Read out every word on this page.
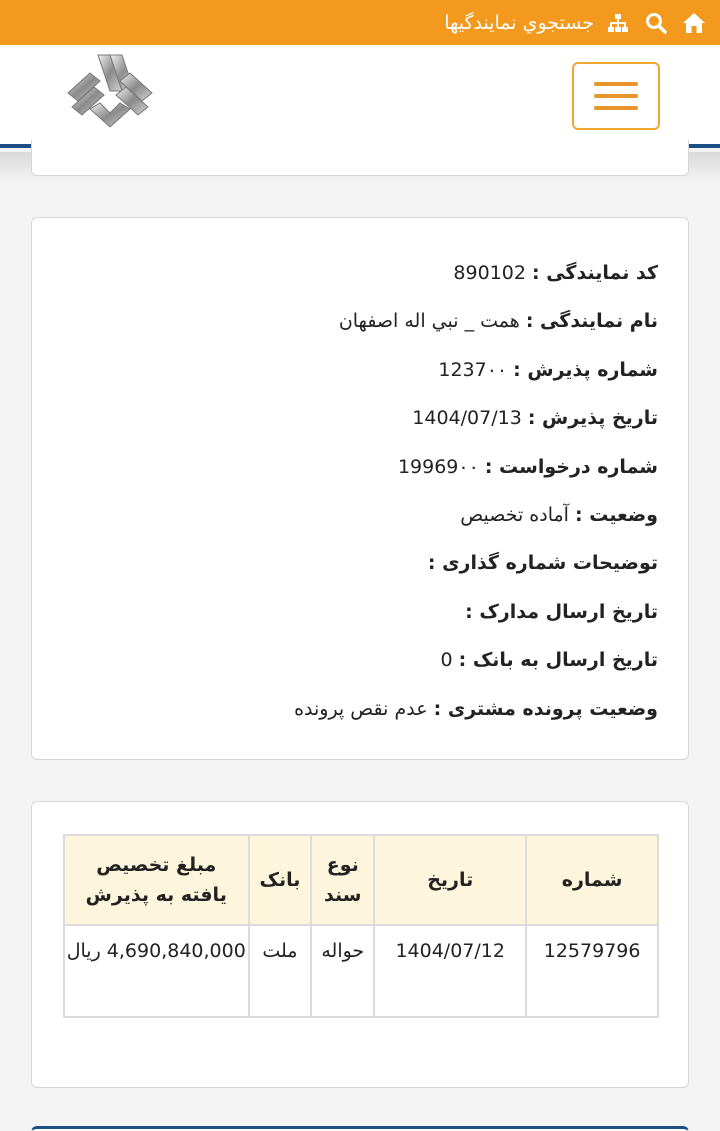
جستجوي نمايندگيها
کد نمایندگی : 890102
نام نمایندگی : همت _ نبي اله اصفهان
شماره پذیرش : 1237٠٠
تاریخ پذیرش : 1404/07/13
شماره درخواست : 19969٠٠
وضعیت : آماده تخصیص
توضیحات شماره گذاری :
تاریخ ارسال مدارک :
تاریخ ارسال به بانک : 0
وضعیت پرونده مشتری : عدم نقص پرونده
شماره	تاریخ	نوع سند	بانک	مبلغ تخصیص یافته به پذیرش
12579796	1404/07/12	حواله	ملت	4,690,840,000 ريال
